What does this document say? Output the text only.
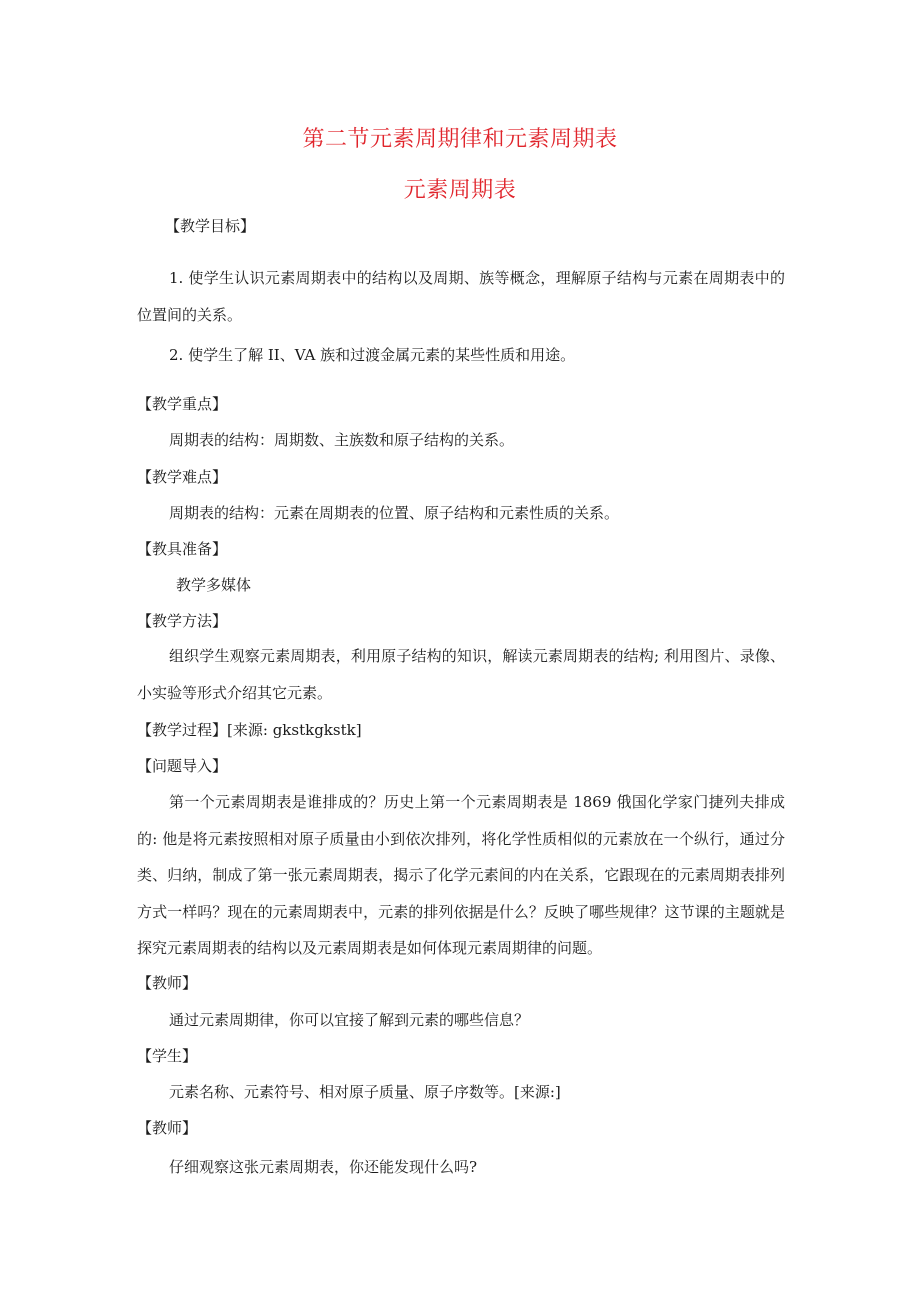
第二节元素周期律和元素周期表
元素周期表
【教学目标】
1. 使学生认识元素周期表中的结构以及周期、族等概念，理解原子结构与元素在周期表中的位置间的关系。
2. 使学生了解 II、VA 族和过渡金属元素的某些性质和用途。
【教学重点】
周期表的结构：周期数、主族数和原子结构的关系。
【教学难点】
周期表的结构：元素在周期表的位置、原子结构和元素性质的关系。
【教具准备】
教学多媒体
【教学方法】
组织学生观察元素周期表，利用原子结构的知识，解读元素周期表的结构; 利用图片、录像、小实验等形式介绍其它元素。
【教学过程】[来源: gkstkgkstk]
【问题导入】
第一个元素周期表是谁排成的？历史上第一个元素周期表是 1869 俄国化学家门捷列夫排成的: 他是将元素按照相对原子质量由小到依次排列，将化学性质相似的元素放在一个纵行，通过分类、归纳，制成了第一张元素周期表，揭示了化学元素间的内在关系，它跟现在的元素周期表排列方式一样吗？现在的元素周期表中，元素的排列依据是什么？反映了哪些规律？这节课的主题就是探究元素周期表的结构以及元素周期表是如何体现元素周期律的问题。
【教师】
通过元素周期律，你可以宜接了解到元素的哪些信息？
【学生】
元素名称、元素符号、相对原子质量、原子序数等。[来源:]
【教师】
仔细观察这张元素周期表，你还能发现什么吗?
